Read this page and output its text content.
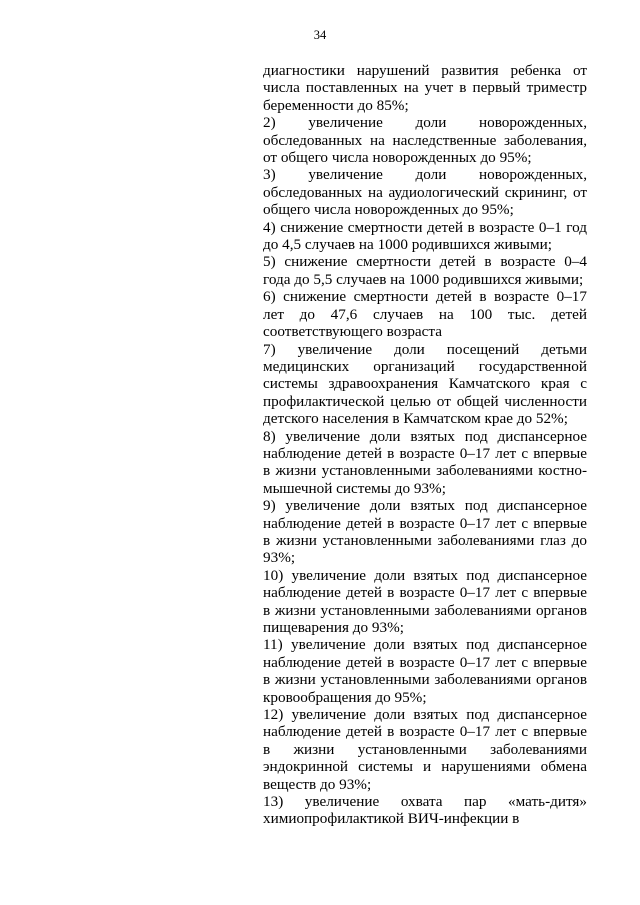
34

диагностики нарушений развития ребенка от числа поставленных на учет в первый триместр беременности до 85%;

2) увеличение доли новорожденных, обследованных на наследственные заболевания, от общего числа новорожденных до 95%;

3) увеличение доли новорожденных, обследованных на аудиологический скрининг, от общего числа новорожденных до 95%;

4) снижение смертности детей в возрасте 0–1 год до 4,5 случаев на 1000 родившихся живыми;

5) снижение смертности детей в возрасте 0–4 года до 5,5 случаев на 1000 родившихся живыми;

6) снижение смертности детей в возрасте 0–17 лет до 47,6 случаев на 100 тыс. детей соответствующего возраста

7) увеличение доли посещений детьми медицинских организаций государственной системы здравоохранения Камчатского края с профилактической целью от общей численности детского населения в Камчатском крае до 52%;

8) увеличение доли взятых под диспансерное наблюдение детей в возрасте 0–17 лет с впервые в жизни установленными заболеваниями костно-мышечной системы до 93%;

9) увеличение доли взятых под диспансерное наблюдение детей в возрасте 0–17 лет с впервые в жизни установленными заболеваниями глаз до 93%;

10) увеличение доли взятых под диспансерное наблюдение детей в возрасте 0–17 лет с впервые в жизни установленными заболеваниями органов пищеварения до 93%;

11) увеличение доли взятых под диспансерное наблюдение детей в возрасте 0–17 лет с впервые в жизни установленными заболеваниями органов кровообращения до 95%;

12) увеличение доли взятых под диспансерное наблюдение детей в возрасте 0–17 лет с впервые в жизни установленными заболеваниями эндокринной системы и нарушениями обмена веществ до 93%;

13) увеличение охвата пар «мать-дитя» химиопрофилактикой ВИЧ-инфекции в
